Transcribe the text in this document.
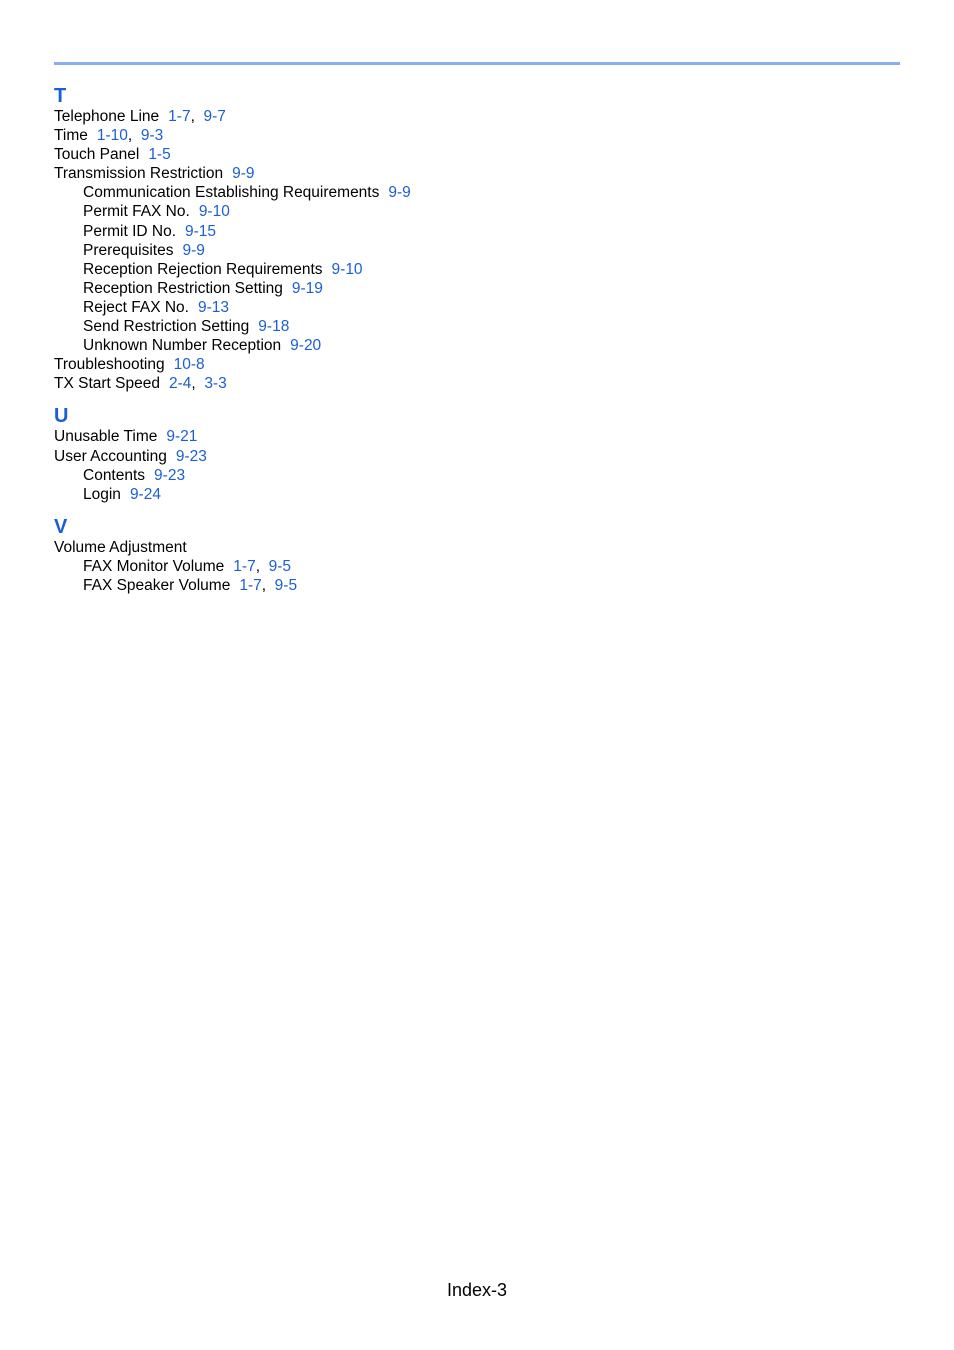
T
Telephone Line 1-7,  9-7
Time 1-10,  9-3
Touch Panel 1-5
Transmission Restriction 9-9
Communication Establishing Requirements 9-9
Permit FAX No. 9-10
Permit ID No. 9-15
Prerequisites 9-9
Reception Rejection Requirements 9-10
Reception Restriction Setting 9-19
Reject FAX No. 9-13
Send Restriction Setting 9-18
Unknown Number Reception 9-20
Troubleshooting 10-8
TX Start Speed 2-4,  3-3
U
Unusable Time 9-21
User Accounting 9-23
Contents 9-23
Login 9-24
V
Volume Adjustment
FAX Monitor Volume 1-7,  9-5
FAX Speaker Volume 1-7,  9-5
Index-3
